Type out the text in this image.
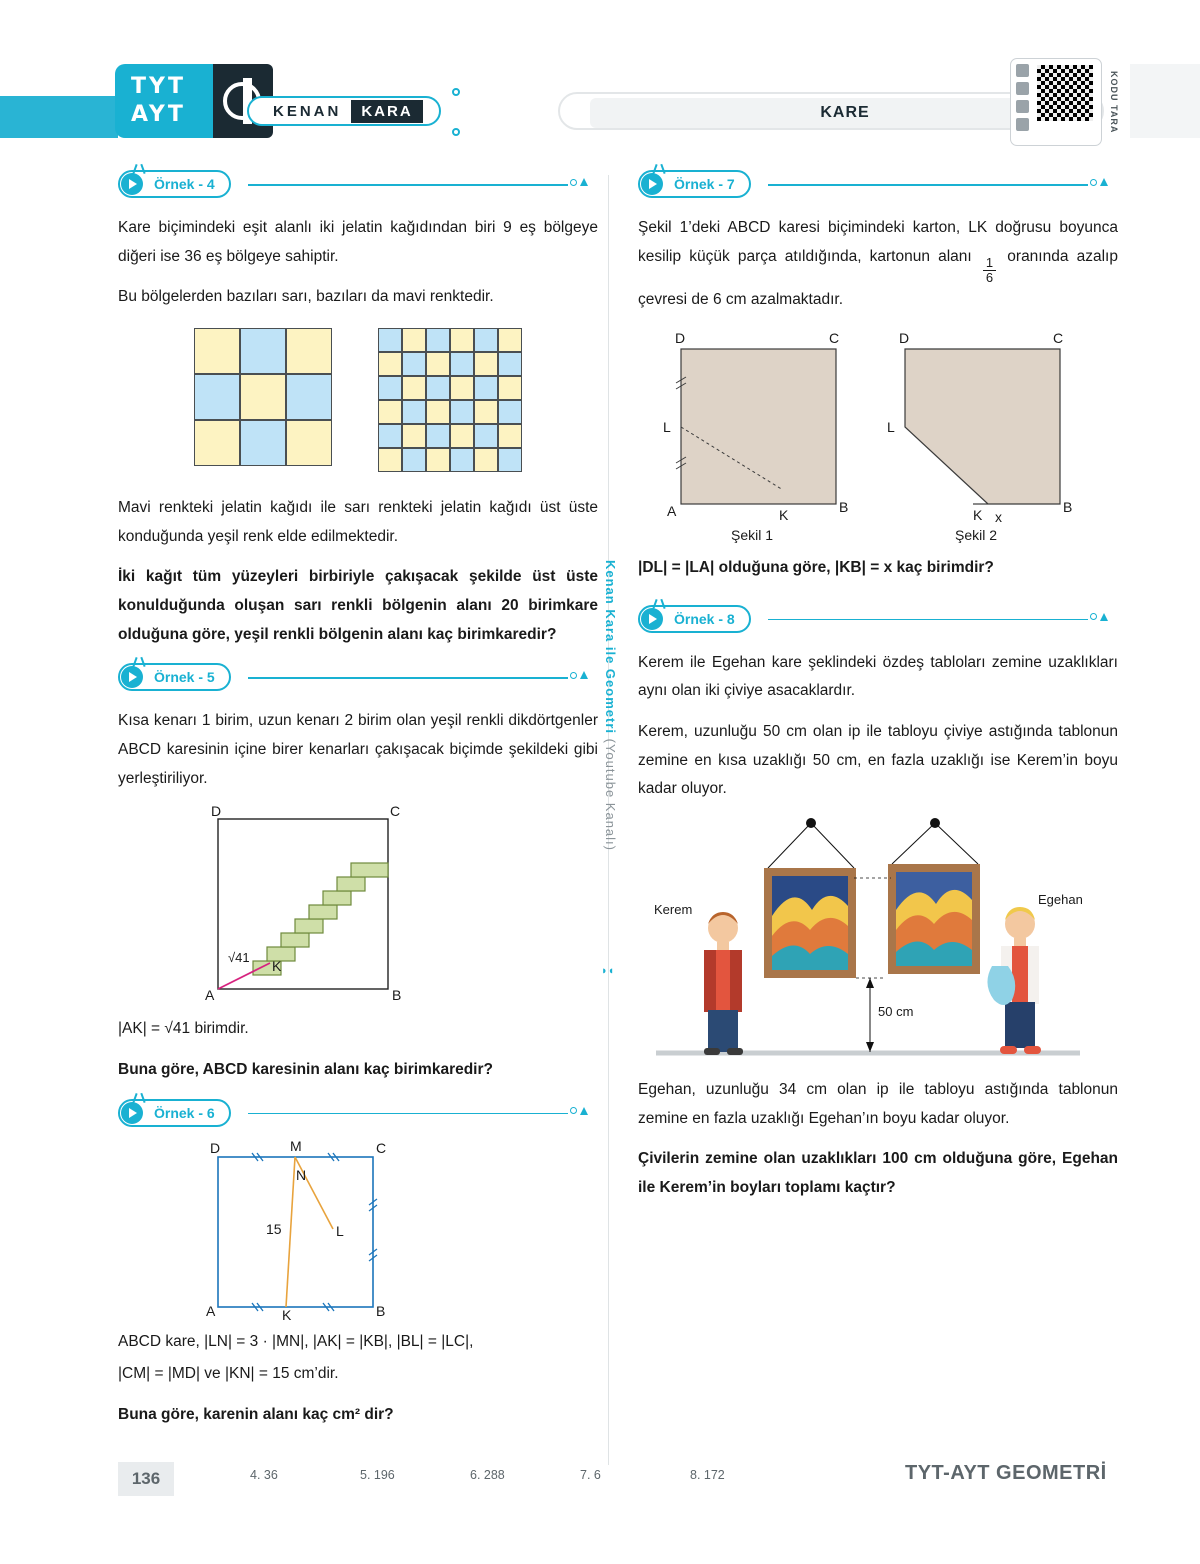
TYT
AYT	KENAN	KARA	KARE	KODU TARA
Kenan Kara ile Geometri (Youtube Kanalı)
◗◖
Örnek - 4

Kare biçimindeki eşit alanlı iki jelatin kağıdından biri 9 eş bölgeye diğeri ise 36 eş bölgeye sahiptir.

Bu bölgelerden bazıları sarı, bazıları da mavi renktedir.

Mavi renkteki jelatin kağıdı ile sarı renkteki jelatin kağıdı üst üste konduğunda yeşil renk elde edilmektedir.

İki kağıt tüm yüzeyleri birbiriyle çakışacak şekilde üst üste konulduğunda oluşan sarı renkli bölgenin alanı 20 birimkare olduğuna göre, yeşil renkli bölgenin alanı kaç birimkaredir?

Örnek - 5

Kısa kenarı 1 birim, uzun kenarı 2 birim olan yeşil renkli dikdörtgenler ABCD karesinin içine birer kenarları çakışacak biçimde şekildeki gibi yerleştiriliyor.

D	C
A	B
K
√41

|AK| = √41 birimdir.

Buna göre, ABCD karesinin alanı kaç birimkaredir?

Örnek - 6
D	M	C
N
L
15
A	K	B

ABCD kare, |LN| = 3 · |MN|, |AK| = |KB|, |BL| = |LC|,

|CM| = |MD| ve |KN| = 15 cm’dir.

Buna göre, karenin alanı kaç cm² dir?

Örnek - 7

Şekil 1’deki ABCD karesi biçimindeki karton, LK doğrusu boyunca kesilip küçük parça atıldığında, kartonun alanı $\frac{1}{6}$ oranında azalıp çevresi de 6 cm azalmaktadır.

D	C
L
A	K	B
D	C
L
K x
B
Şekil 1	Şekil 2

|DL| = |LA| olduğuna göre, |KB| = x kaç birimdir?

Örnek - 8

Kerem ile Egehan kare şeklindeki özdeş tabloları zemine uzaklıkları aynı olan iki çiviye asacaklardır.

Kerem, uzunluğu 50 cm olan ip ile tabloyu çiviye astığında tablonun zemine en kısa uzaklığı 50 cm, en fazla uzaklığı ise Kerem’in boyu kadar oluyor.

Kerem
Egehan
50 cm

Egehan, uzunluğu 34 cm olan ip ile tabloyu astığında tablonun zemine en fazla uzaklığı Egehan’ın boyu kadar oluyor.

Çivilerin zemine olan uzaklıkları 100 cm olduğuna göre, Egehan ile Kerem’in boyları toplamı kaçtır?

136	4. 36	5. 196	6. 288	7. 6	8. 172	TYT-AYT GEOMETRİ
